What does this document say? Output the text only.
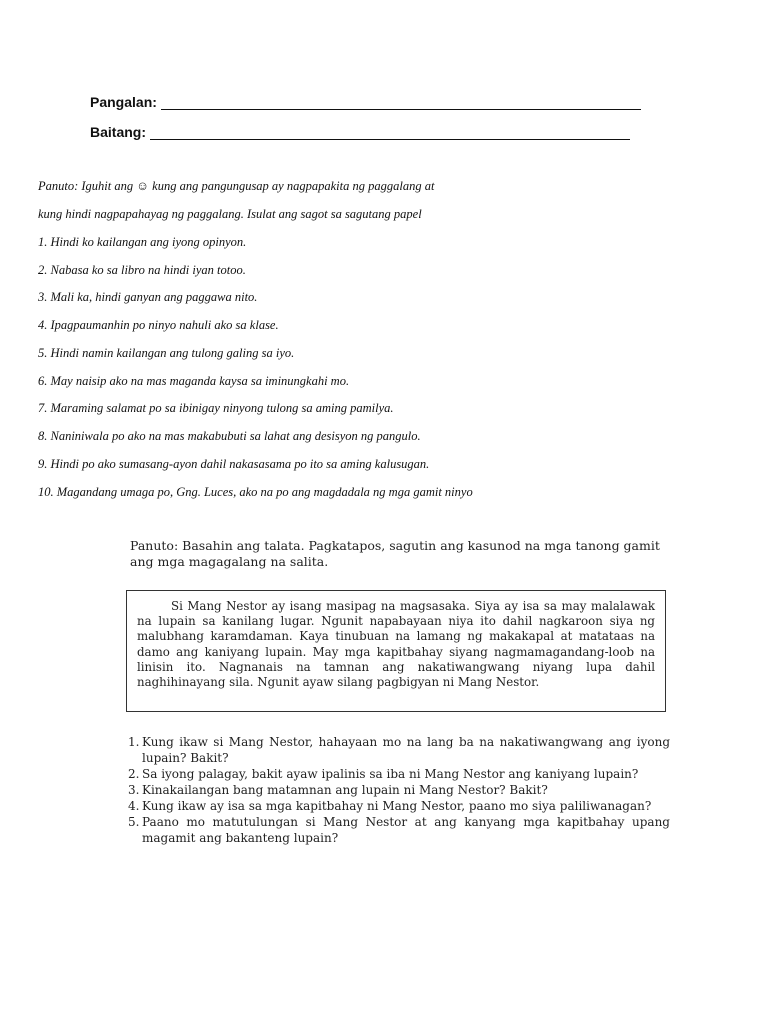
Pangalan:
Baitang:
Panuto: Iguhit ang ☺ kung ang pangungusap ay nagpapakita ng paggalang at
kung hindi nagpapahayag ng paggalang. Isulat ang sagot sa sagutang papel
1. Hindi ko kailangan ang iyong opinyon.
2. Nabasa ko sa libro na hindi iyan totoo.
3. Mali ka, hindi ganyan ang paggawa nito.
4. Ipagpaumanhin po ninyo nahuli ako sa klase.
5. Hindi namin kailangan ang tulong galing sa iyo.
6. May naisip ako na mas maganda kaysa sa iminungkahi mo.
7. Maraming salamat po sa ibinigay ninyong tulong sa aming pamilya.
8. Naniniwala po ako na mas makabubuti sa lahat ang desisyon ng pangulo.
9. Hindi po ako sumasang-ayon dahil nakasasama po ito sa aming kalusugan.
10. Magandang umaga po, Gng. Luces, ako na po ang magdadala ng mga gamit ninyo
Panuto: Basahin ang talata. Pagkatapos, sagutin ang kasunod na mga tanong gamit ang mga magagalang na salita.

Si Mang Nestor ay isang masipag na magsasaka. Siya ay isa sa may malalawak na lupain sa kanilang lugar. Ngunit napabayaan niya ito dahil nagkaroon siya ng malubhang karamdaman. Kaya tinubuan na lamang ng makakapal at matataas na damo ang kaniyang lupain. May mga kapitbahay siyang nagmamagandang-loob na linisin ito. Nagnanais na tamnan ang nakatiwangwang niyang lupa dahil naghihinayang sila. Ngunit ayaw silang pagbigyan ni Mang Nestor.

1. Kung ikaw si Mang Nestor, hahayaan mo na lang ba na nakatiwangwang ang iyong lupain? Bakit?
2. Sa iyong palagay, bakit ayaw ipalinis sa iba ni Mang Nestor ang kaniyang lupain?
3. Kinakailangan bang matamnan ang lupain ni Mang Nestor? Bakit?
4. Kung ikaw ay isa sa mga kapitbahay ni Mang Nestor, paano mo siya paliliwanagan?
5. Paano mo matutulungan si Mang Nestor at ang kanyang mga kapitbahay upang magamit ang bakanteng lupain?
